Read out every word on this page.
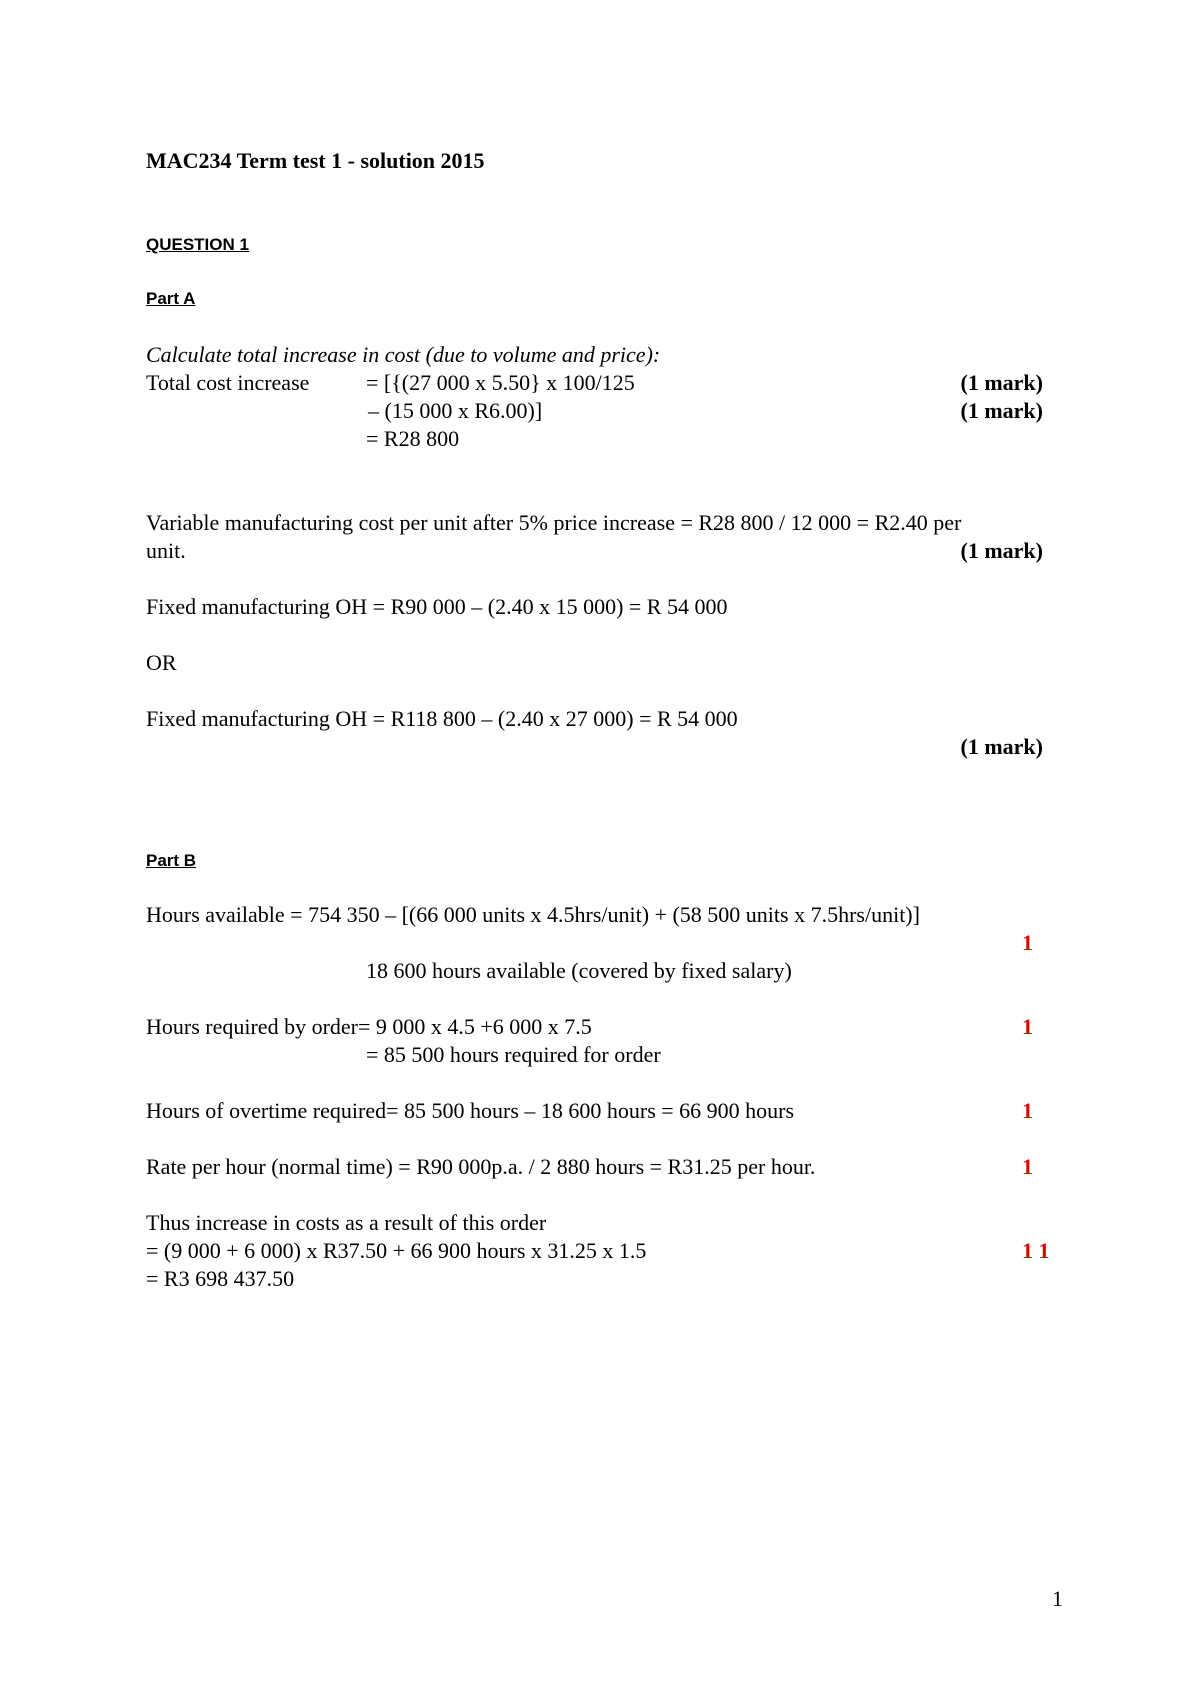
MAC234 Term test 1 - solution 2015
QUESTION 1
Part A
Calculate total increase in cost (due to volume and price):
Total cost increase	= [{(27 000 x 5.50} x 100/125	(1 mark)
– (15 000 x R6.00)]	(1 mark)
= R28 800
Variable manufacturing cost per unit after 5% price increase = R28 800 / 12 000 = R2.40 per
unit.	(1 mark)
Fixed manufacturing OH = R90 000 – (2.40 x 15 000) = R 54 000
OR
Fixed manufacturing OH = R118 800 – (2.40 x 27 000) = R 54 000
(1 mark)
Part B
Hours available = 754 350 – [(66 000 units x 4.5hrs/unit) + (58 500 units x 7.5hrs/unit)]
1
18 600 hours available (covered by fixed salary)
Hours required by order= 9 000 x 4.5 +6 000 x 7.5	1
= 85 500 hours required for order
Hours of overtime required= 85 500 hours – 18 600 hours = 66 900 hours	1
Rate per hour (normal time) = R90 000p.a. / 2 880 hours = R31.25 per hour.	1
Thus increase in costs as a result of this order
= (9 000 + 6 000) x R37.50 + 66 900 hours x 31.25 x 1.5	1 1
= R3 698 437.50
1
